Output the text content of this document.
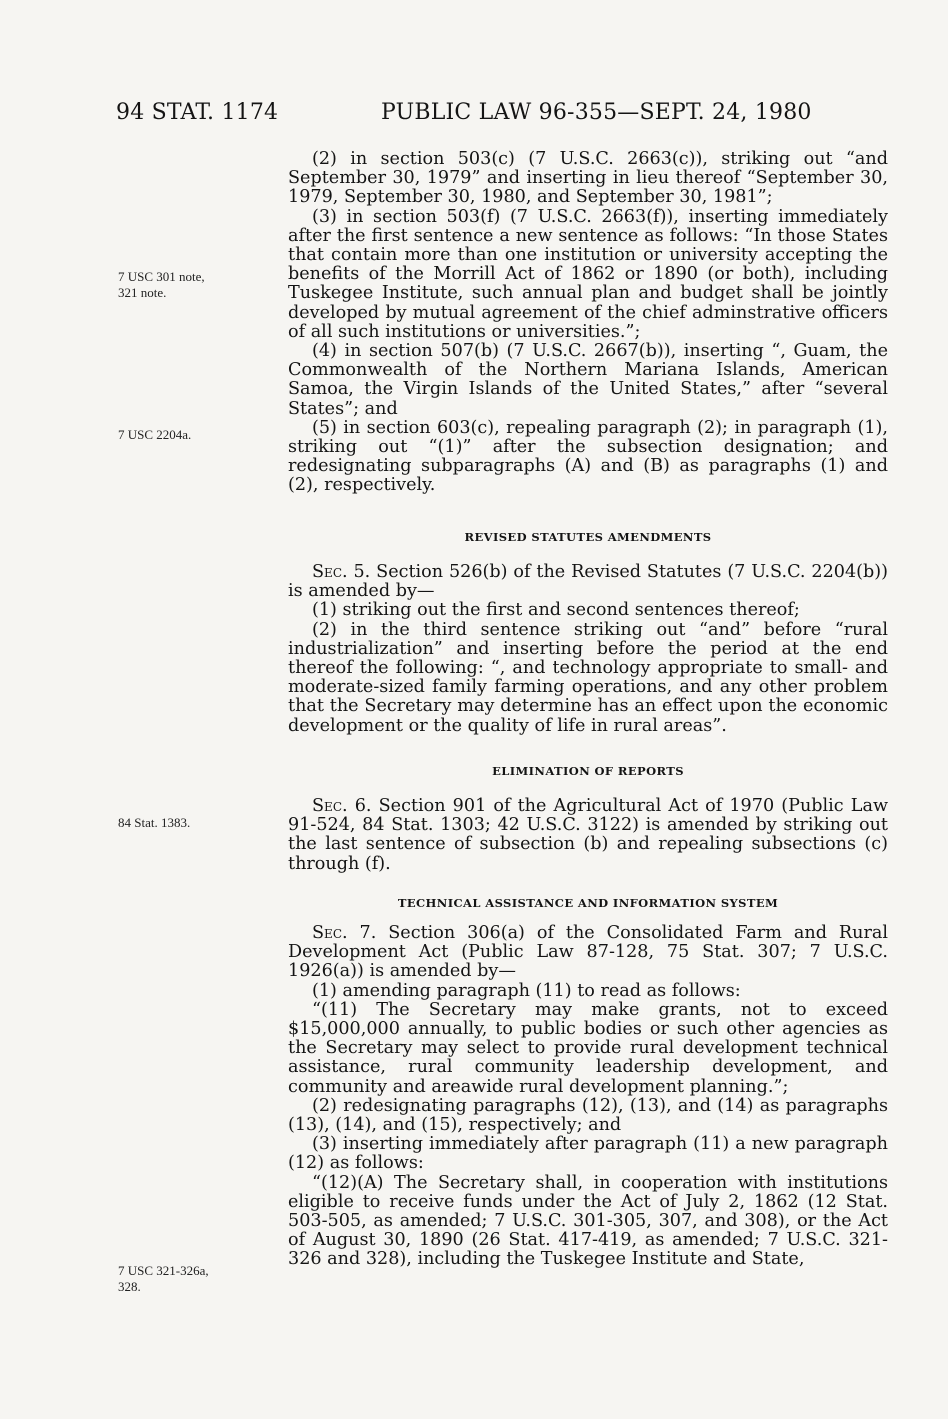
94 STAT. 1174	PUBLIC LAW 96-355—SEPT. 24, 1980
7 USC 301 note,
321 note.
7 USC 2204a.
84 Stat. 1383.
7 USC 321-326a,
328.

(2) in section 503(c) (7 U.S.C. 2663(c)), striking out “and September 30, 1979” and inserting in lieu thereof “September 30, 1979, September 30, 1980, and September 30, 1981”;

(3) in section 503(f) (7 U.S.C. 2663(f)), inserting immediately after the first sentence a new sentence as follows: “In those States that contain more than one institution or university accepting the benefits of the Morrill Act of 1862 or 1890 (or both), including Tuskegee Institute, such annual plan and budget shall be jointly developed by mutual agreement of the chief adminstrative officers of all such institutions or universities.”;

(4) in section 507(b) (7 U.S.C. 2667(b)), inserting “, Guam, the Commonwealth of the Northern Mariana Islands, American Samoa, the Virgin Islands of the United States,” after “several States”; and

(5) in section 603(c), repealing paragraph (2); in paragraph (1), striking out “(1)” after the subsection designation; and redesignating subparagraphs (A) and (B) as paragraphs (1) and (2), respectively.

REVISED STATUTES AMENDMENTS

Sec. 5. Section 526(b) of the Revised Statutes (7 U.S.C. 2204(b)) is amended by—

(1) striking out the first and second sentences thereof;

(2) in the third sentence striking out “and” before “rural industrialization” and inserting before the period at the end thereof the following: “, and technology appropriate to small- and moderate-sized family farming operations, and any other problem that the Secretary may determine has an effect upon the economic development or the quality of life in rural areas”.

ELIMINATION OF REPORTS

Sec. 6. Section 901 of the Agricultural Act of 1970 (Public Law 91-524, 84 Stat. 1303; 42 U.S.C. 3122) is amended by striking out the last sentence of subsection (b) and repealing subsections (c) through (f).

TECHNICAL ASSISTANCE AND INFORMATION SYSTEM

Sec. 7. Section 306(a) of the Consolidated Farm and Rural Development Act (Public Law 87-128, 75 Stat. 307; 7 U.S.C. 1926(a)) is amended by—

(1) amending paragraph (11) to read as follows:

“(11) The Secretary may make grants, not to exceed $15,000,000 annually, to public bodies or such other agencies as the Secretary may select to provide rural development technical assistance, rural community leadership development, and community and areawide rural development planning.”;

(2) redesignating paragraphs (12), (13), and (14) as paragraphs (13), (14), and (15), respectively; and

(3) inserting immediately after paragraph (11) a new paragraph (12) as follows:

“(12)(A) The Secretary shall, in cooperation with institutions eligible to receive funds under the Act of July 2, 1862 (12 Stat. 503-505, as amended; 7 U.S.C. 301-305, 307, and 308), or the Act of August 30, 1890 (26 Stat. 417-419, as amended; 7 U.S.C. 321-326 and 328), including the Tuskegee Institute and State,
